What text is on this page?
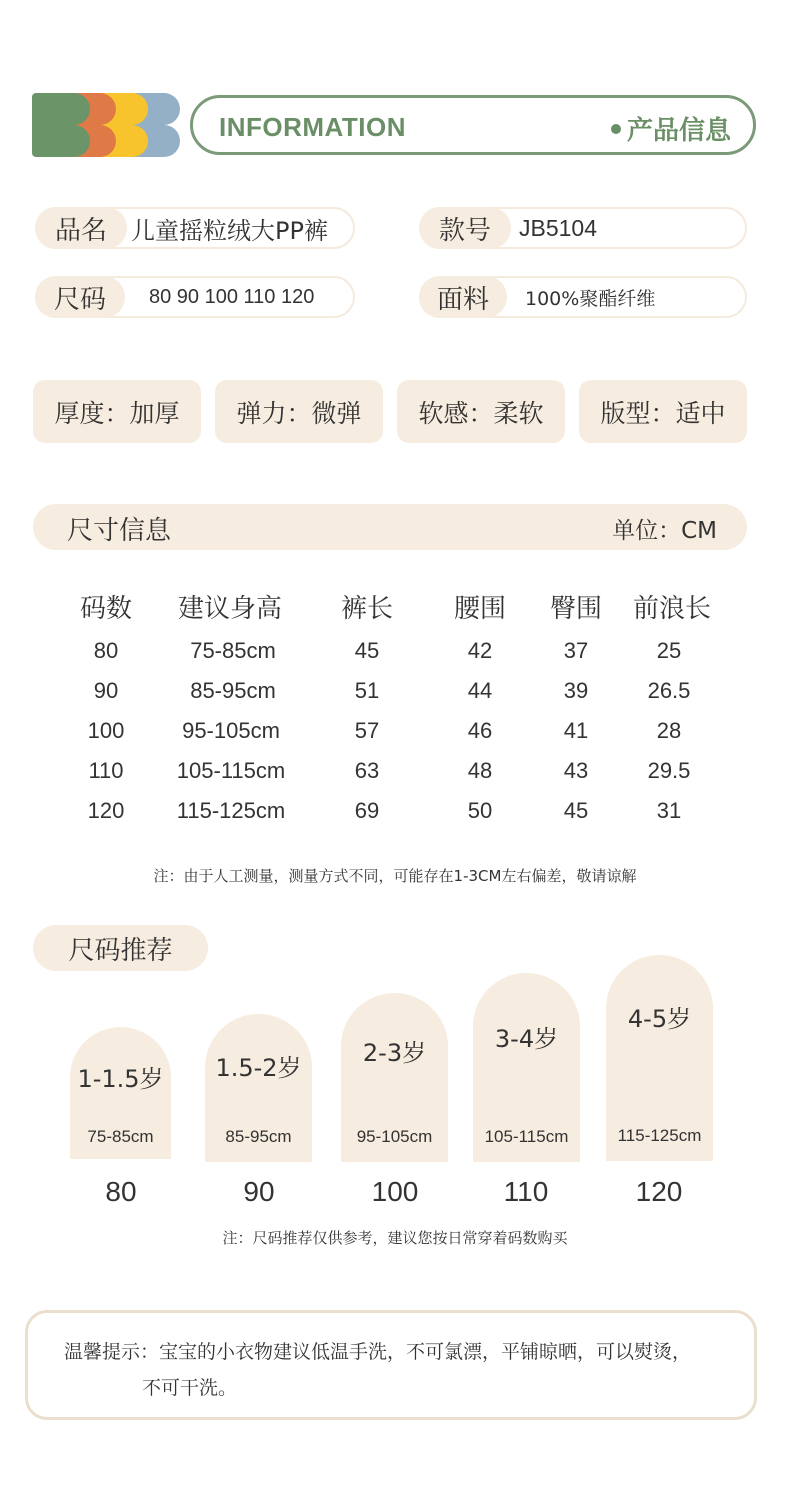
INFORMATION	产品信息
品名	儿童摇粒绒大PP裤	款号	JB5104
尺码	80 90 100 110 120	面料	100%聚酯纤维
厚度：加厚	弹力：微弹	软感：柔软	版型：适中
尺寸信息	单位：CM
码数	建议身高	裤长	腰围	臀围	前浪长
80	75-85cm	45	42	37	25
90	85-95cm	51	44	39	26.5
100	95-105cm	57	46	41	28
110	105-115cm	63	48	43	29.5
120	115-125cm	69	50	45	31
注：由于人工测量，测量方式不同，可能存在1-3CM左右偏差，敬请谅解
尺码推荐
1-1.5岁
75-85cm
1.5-2岁
85-95cm
2-3岁
95-105cm
3-4岁
105-115cm
4-5岁
115-125cm
80	90	100	110	120
注：尺码推荐仅供参考，建议您按日常穿着码数购买
温馨提示：宝宝的小衣物建议低温手洗，不可氯漂，平铺晾晒，可以熨烫，
不可干洗。
